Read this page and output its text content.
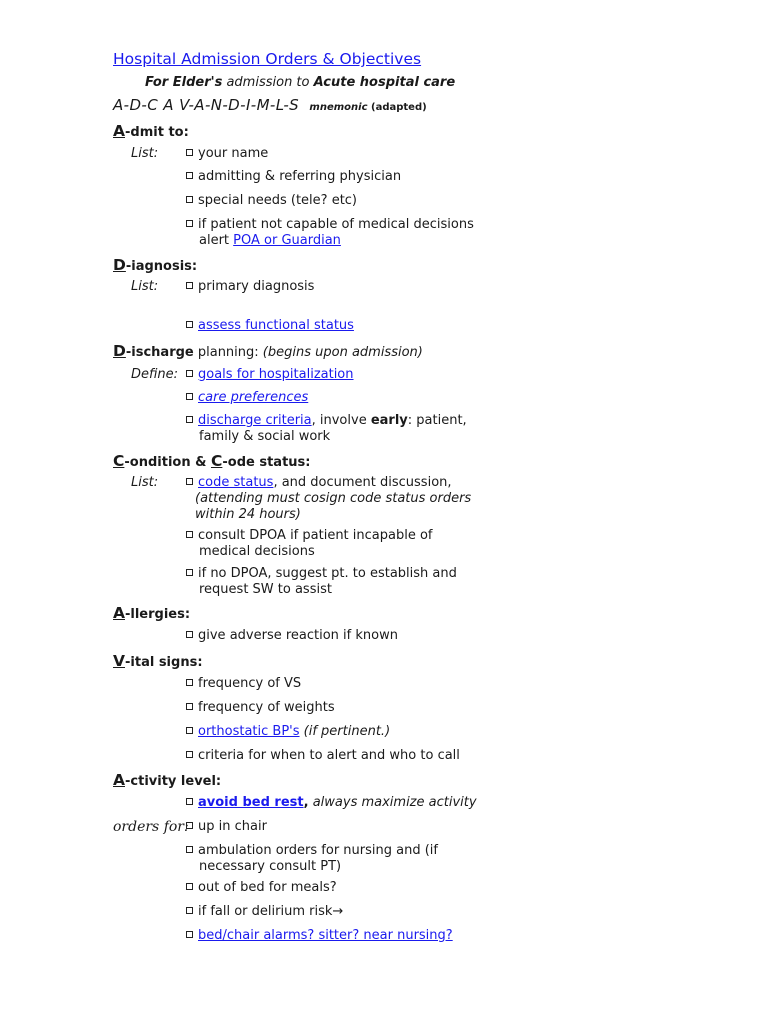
Hospital Admission Orders & Objectives
For Elder's admission to Acute hospital care
A-D-C A V-A-N-D-I-M-L-S mnemonic (adapted)
A-dmit to:
List:	your name
admitting & referring physician
special needs (tele? etc)
if patient not capable of medical decisions
alert POA or Guardian
D-iagnosis:
List:	primary diagnosis
assess functional status
D-ischarge planning: (begins upon admission)
Define:	goals for hospitalization
care preferences
discharge criteria, involve early: patient,
family & social work
C-ondition & C-ode status:
List:	code status, and document discussion,
(attending must cosign code status orders
within 24 hours)
consult DPOA if patient incapable of
medical decisions
if no DPOA, suggest pt. to establish and
request SW to assist
A-llergies:
give adverse reaction if known
V-ital signs:
frequency of VS
frequency of weights
orthostatic BP's (if pertinent.)
criteria for when to alert and who to call
A-ctivity level:
avoid bed rest, always maximize activity
orders for: up in chair
ambulation orders for nursing and (if
necessary consult PT)
out of bed for meals?
if fall or delirium risk→
bed/chair alarms? sitter? near nursing?
